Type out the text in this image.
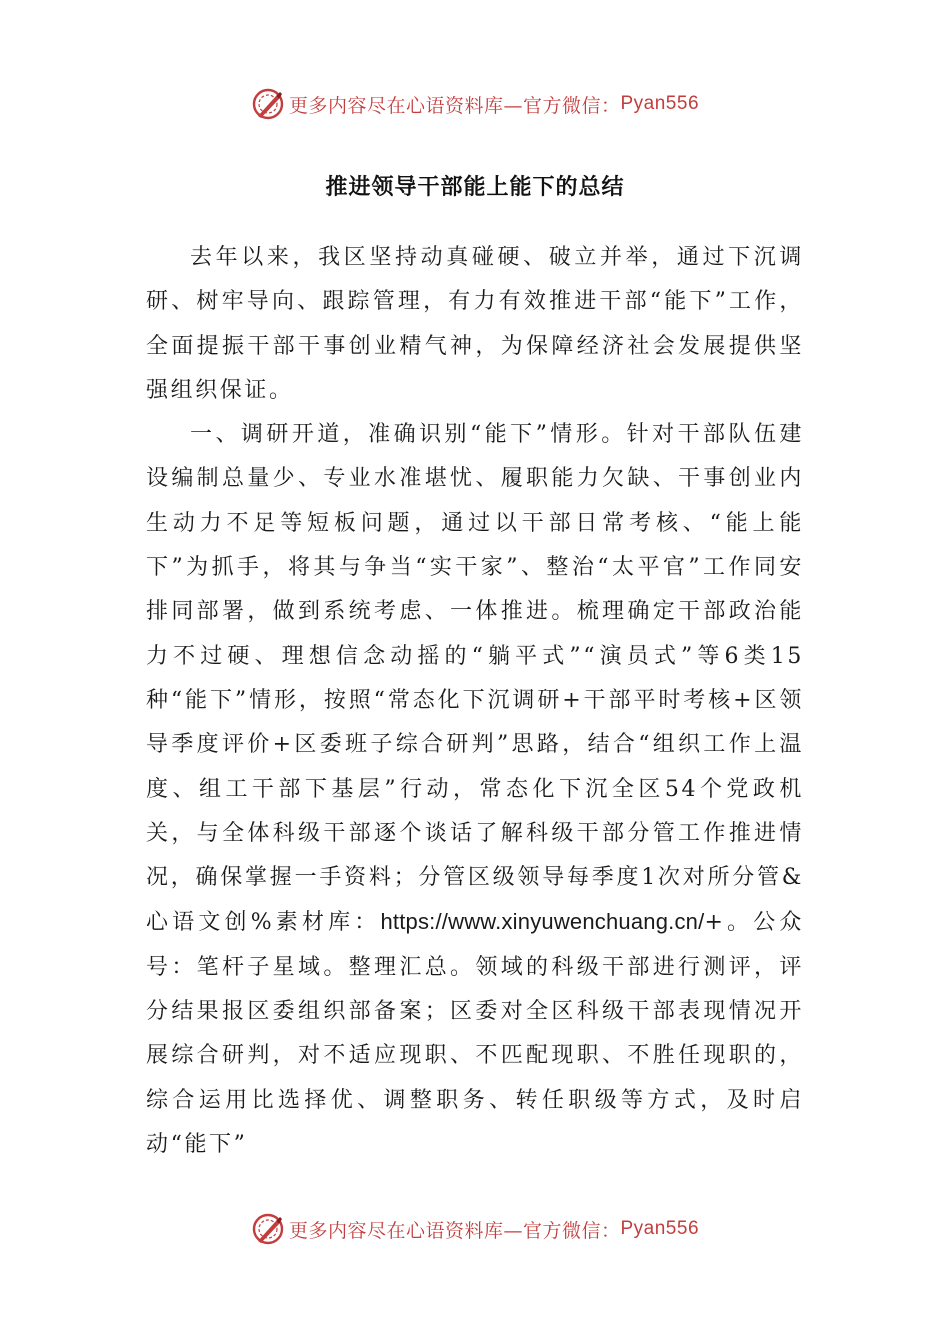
更多内容尽在心语资料库—官方微信： Pyan556
推进领导干部能上能下的总结

去年以来，我区坚持动真碰硬、破立并举，通过下沉调研、树牢导向、跟踪管理，有力有效推进干部“能下”工作，全面提振干部干事创业精气神，为保障经济社会发展提供坚强组织保证。

一、调研开道，准确识别“能下”情形。针对干部队伍建设编制总量少、专业水准堪忧、履职能力欠缺、干事创业内生动力不足等短板问题，通过以干部日常考核、“能上能下”为抓手，将其与争当“实干家”、整治“太平官”工作同安排同部署，做到系统考虑、一体推进。梳理确定干部政治能力不过硬、理想信念动摇的“躺平式”“演员式”等6类15种“能下”情形，按照“常态化下沉调研+干部平时考核+区领导季度评价+区委班子综合研判”思路，结合“组织工作上温度、组工干部下基层”行动，常态化下沉全区54个党政机关，与全体科级干部逐个谈话了解科级干部分管工作推进情况，确保掌握一手资料；分管区级领导每季度1次对所分管&心语文创%素材库：https://www.xinyuwenchuang.cn/+。公众号：笔杆子星域。整理汇总。领域的科级干部进行测评，评分结果报区委组织部备案；区委对全区科级干部表现情况开展综合研判，对不适应现职、不匹配现职、不胜任现职的，综合运用比选择优、调整职务、转任职级等方式，及时启动“能下”

更多内容尽在心语资料库—官方微信： Pyan556
